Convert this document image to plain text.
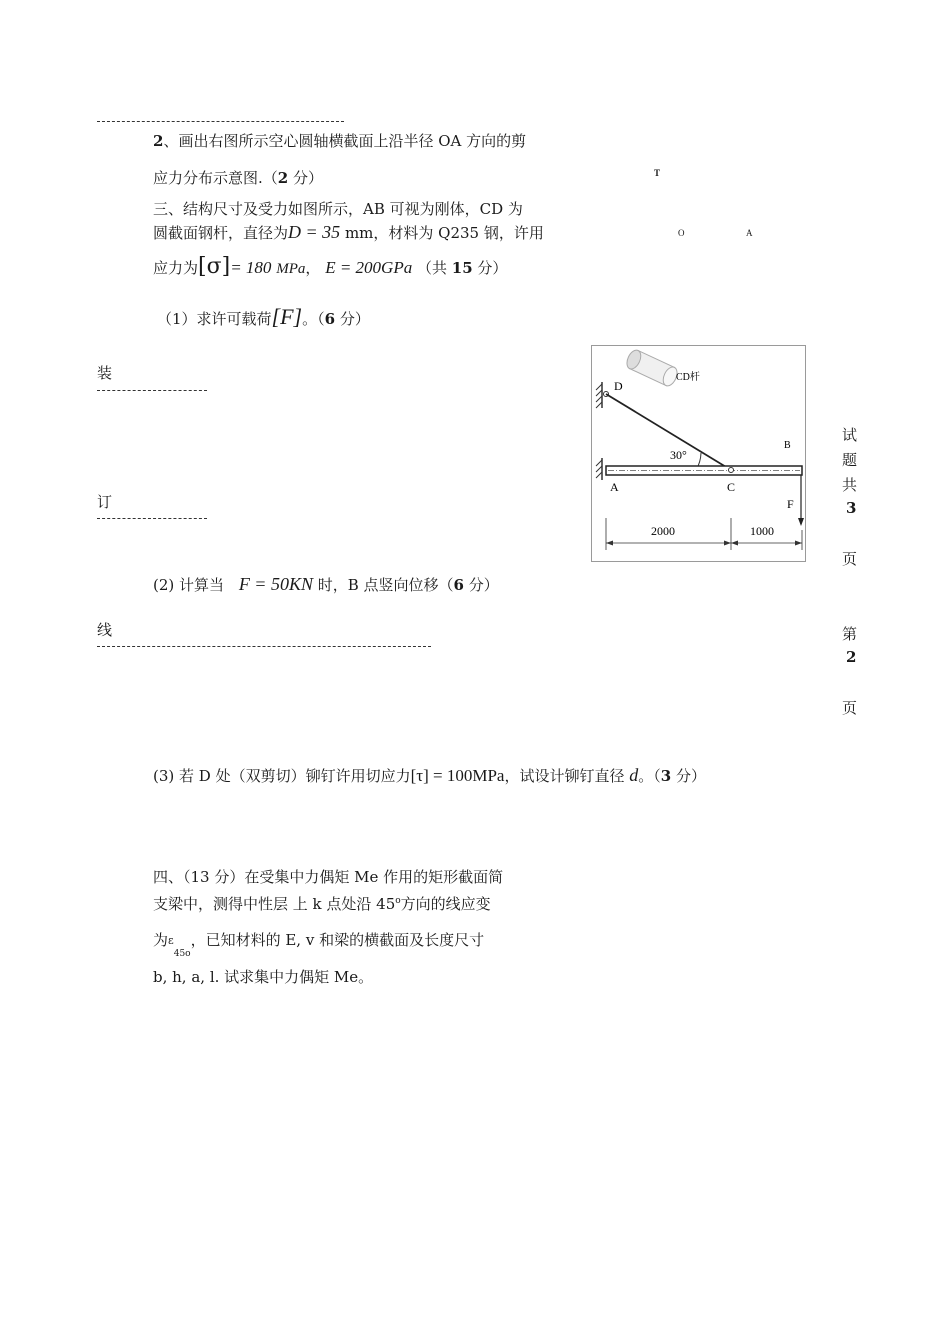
2、画出右图所示空心圆轴横截面上沿半径 OA 方向的剪
应力分布示意图.（2 分）	T
O	A
三、结构尺寸及受力如图所示，AB 可视为刚体，CD 为
圆截面钢杆，直径为D = 35 mm，材料为 Q235 钢，许用
应力为[σ]= 180 MPa， E = 200GPa （共 15 分）
（1）求许可载荷[F]。（6 分）
装
订
线
CD杆
D
30°
A	C
B
F
2000	1000
试
题
共
3
页
第
2
页
(2) 计算当 F = 50KN 时，B 点竖向位移（6 分）
(3) 若 D 处（双剪切）铆钉许用切应力[τ] = 100MPa，试设计铆钉直径 d。（3 分）
四、（13 分）在受集中力偶矩 Me 作用的矩形截面简
支梁中，测得中性层 上 k 点处沿 45$^o$方向的线应变
为$\varepsilon_{45o}$，已知材料的 E, v 和梁的横截面及长度尺寸
b, h, a, l. 试求集中力偶矩 Me。
